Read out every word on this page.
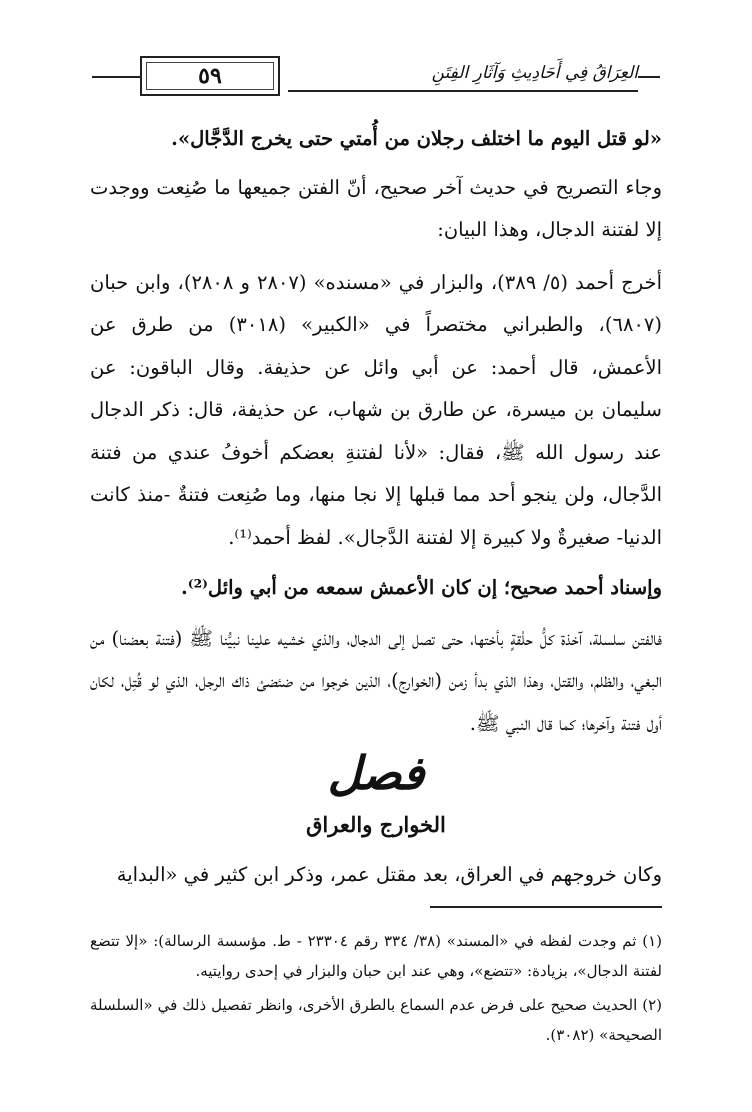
٥٩	العِرَاقُ فِي أَحَادِيثِ وَآثَارِ الفِتَنِ

«لو قتل اليوم ما اختلف رجلان من أُمتي حتى يخرج الدَّجَّال».

وجاء التصريح في حديث آخر صحيح، أنّ الفتن جميعها ما صُنِعت ووجدت إلا لفتنة الدجال، وهذا البيان:

أخرج أحمد (٥/ ٣٨٩)، والبزار في «مسنده» (٢٨٠٧ و ٢٨٠٨)، وابن حبان (٦٨٠٧)، والطبراني مختصراً في «الكبير» (٣٠١٨) من طرق عن الأعمش، قال أحمد: عن أبي وائل عن حذيفة. وقال الباقون: عن سليمان بن ميسرة، عن طارق بن شهاب، عن حذيفة، قال: ذكر الدجال عند رسول الله ﷺ، فقال: «لأنا لفتنةِ بعضكم أخوفُ عندي من فتنة الدَّجال، ولن ينجو أحد مما قبلها إلا نجا منها، وما صُنِعت فتنةٌ -منذ كانت الدنيا- صغيرةٌ ولا كبيرة إلا لفتنة الدَّجال». لفظ أحمد⁽¹⁾.

وإسناد أحمد صحيح؛ إن كان الأعمش سمعه من أبي وائل⁽²⁾.

فالفتن سلسلة، آخذة كلُّ حلْقةٍ بأختها، حتى تصل إلى الدجال، والذي خشيه علينا نبيُّنا ﷺ (فتنة بعضنا) من البغي، والظلم، والقتل، وهذا الذي بدأ زمن (الخوارج)، الذين خرجوا من ضئضئ ذاك الرجل، الذي لو قُتِل، لكان أول فتنة وآخرها؛ كما قال النبي ﷺ.

فصل
الخوارج والعراق

وكان خروجهم في العراق، بعد مقتل عمر، وذكر ابن كثير في «البداية

(١) ثم وجدت لفظه في «المسند» (٣٨/ ٣٣٤ رقم ٢٣٣٠٤ - ط. مؤسسة الرسالة): «إلا تتضع لفتنة الدجال»، بزيادة: «تتضع»، وهي عند ابن حبان والبزار في إحدى روايتيه.

(٢) الحديث صحيح على فرض عدم السماع بالطرق الأخرى، وانظر تفصيل ذلك في «السلسلة الصحيحة» (٣٠٨٢).
